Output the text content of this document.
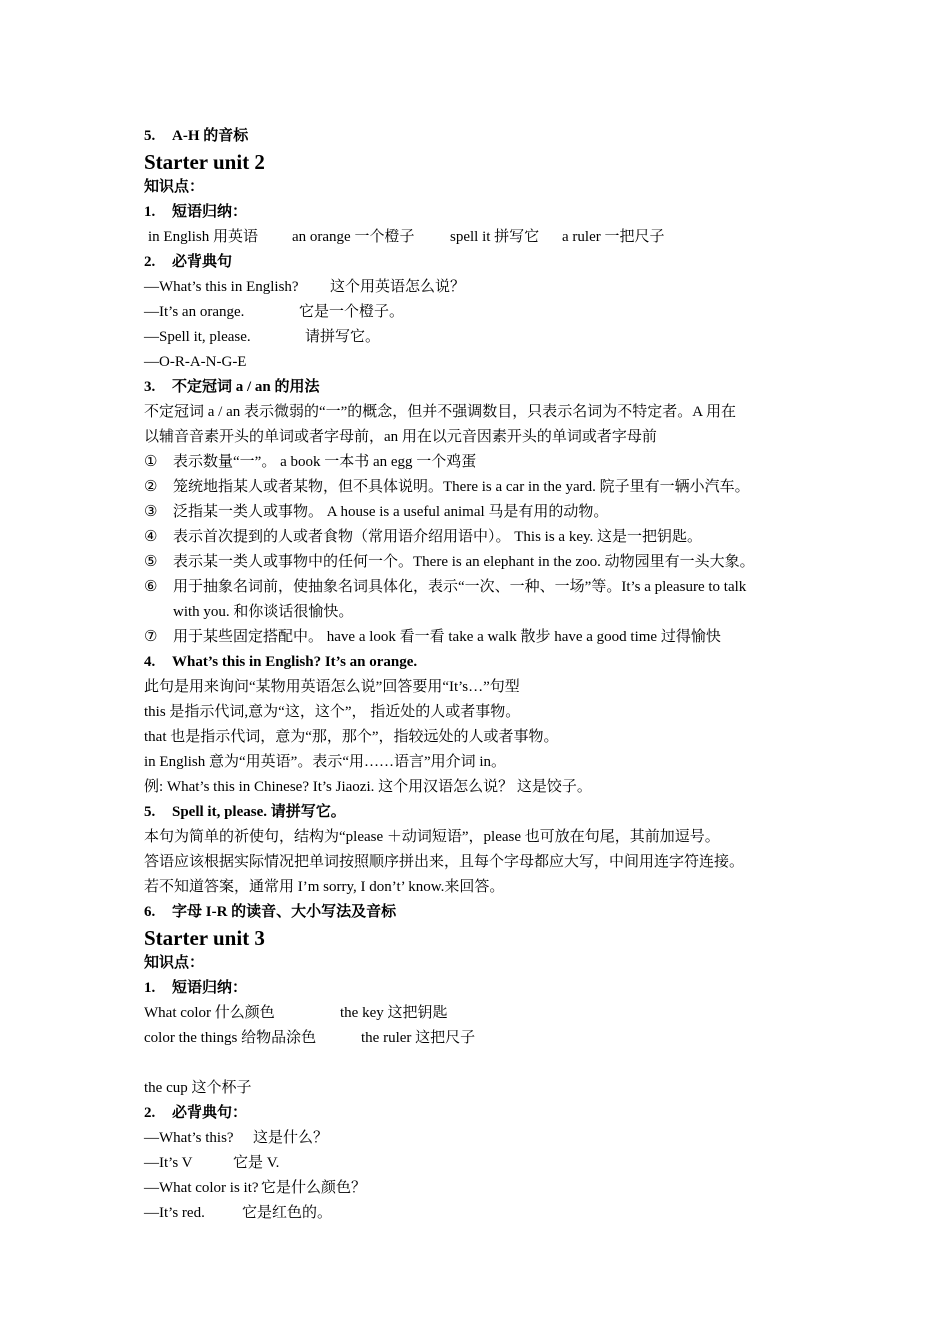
5. A-H 的音标
Starter unit 2
知识点：
1. 短语归纳：
in English 用英语 an orange 一个橙子 spell it 拼写它 a ruler 一把尺子
2. 必背典句
—What’s this in English? 这个用英语怎么说？
—It’s an orange.	它是一个橙子。
—Spell it, please.	请拼写它。
—O-R-A-N-G-E
3. 不定冠词 a / an 的用法
不定冠词 a / an 表示微弱的“一”的概念，但并不强调数目，只表示名词为不特定者。A 用在
以辅音音素开头的单词或者字母前，an 用在以元音因素开头的单词或者字母前
① 表示数量“一”。 a book 一本书 an egg 一个鸡蛋
② 笼统地指某人或者某物，但不具体说明。There is a car in the yard. 院子里有一辆小汽车。
③ 泛指某一类人或事物。 A house is a useful animal 马是有用的动物。
④ 表示首次提到的人或者食物（常用语介绍用语中）。 This is a key. 这是一把钥匙。
⑤ 表示某一类人或事物中的任何一个。There is an elephant in the zoo. 动物园里有一头大象。
⑥ 用于抽象名词前，使抽象名词具体化，表示“一次、一种、一场”等。It’s a pleasure to talk
with you. 和你谈话很愉快。
⑦ 用于某些固定搭配中。 have a look 看一看 take a walk 散步 have a good time 过得愉快
4. What’s this in English? It’s an orange.
此句是用来询问“某物用英语怎么说”回答要用“It’s…”句型
this 是指示代词,意为“这，这个”， 指近处的人或者事物。
that 也是指示代词，意为“那，那个”，指较远处的人或者事物。
in English 意为“用英语”。表示“用……语言”用介词 in。
例: What’s this in Chinese? It’s Jiaozi. 这个用汉语怎么说？ 这是饺子。
5. Spell it, please. 请拼写它。
本句为简单的祈使句，结构为“please ＋动词短语”，please 也可放在句尾，其前加逗号。
答语应该根据实际情况把单词按照顺序拼出来，且每个字母都应大写，中间用连字符连接。
若不知道答案，通常用 I’m sorry, I don’t’ know.来回答。
6. 字母 I-R 的读音、大小写法及音标
Starter unit 3
知识点：
1. 短语归纳：
What color 什么颜色	the key 这把钥匙
color the things 给物品涂色	the ruler 这把尺子
the cup 这个杯子
2. 必背典句：
—What’s this? 这是什么？
—It’s V	它是 V.
—What color is it? 它是什么颜色？
—It’s red. 它是红色的。
